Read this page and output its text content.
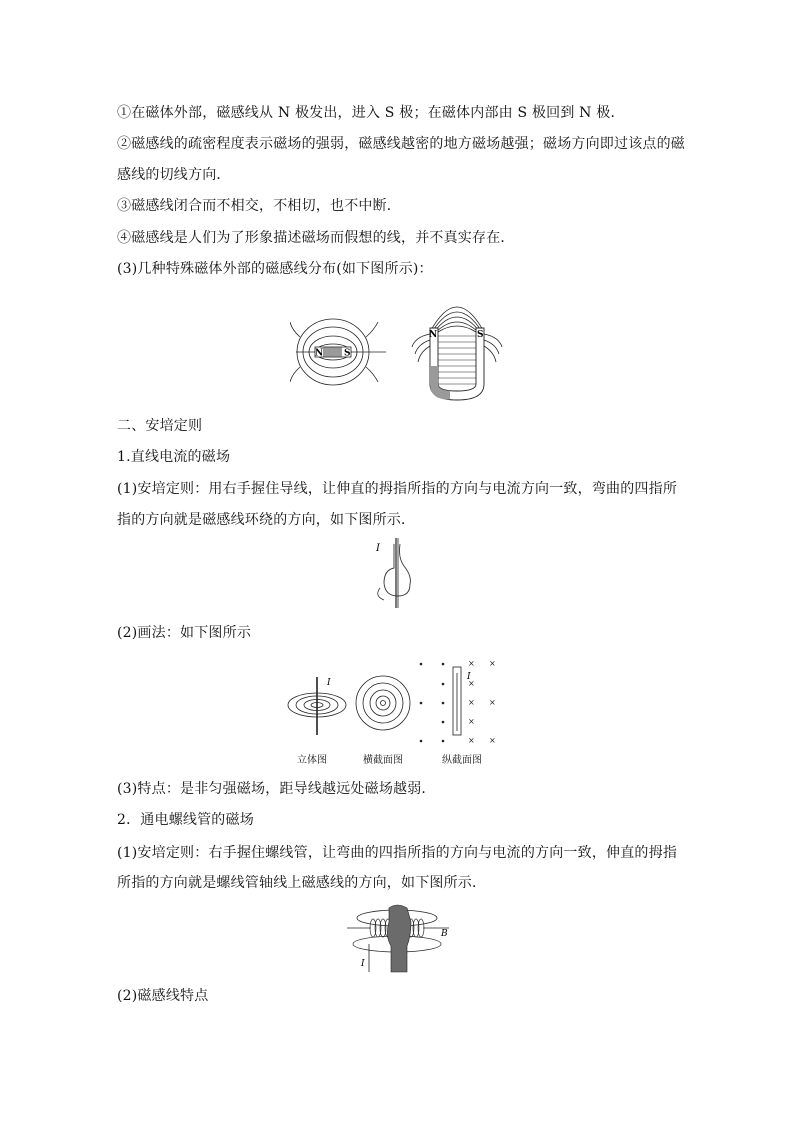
①在磁体外部，磁感线从 N 极发出，进入 S 极；在磁体内部由 S 极回到 N 极．
②磁感线的疏密程度表示磁场的强弱，磁感线越密的地方磁场越强；磁场方向即过该点的磁
感线的切线方向．
③磁感线闭合而不相交，不相切，也不中断．
④磁感线是人们为了形象描述磁场而假想的线，并不真实存在．
(3)几种特殊磁体外部的磁感线分布(如下图所示)：
N S
N	S
二、安培定则
1.直线电流的磁场
(1)安培定则：用右手握住导线，让伸直的拇指所指的方向与电流方向一致，弯曲的四指所
指的方向就是磁感线环绕的方向，如下图所示．
I
(2)画法：如下图所示
I
I
× ×
× ×
× ×
×
×
立体图	横截面图	纵截面图
(3)特点：是非匀强磁场，距导线越远处磁场越弱．
2．通电螺线管的磁场
(1)安培定则：右手握住螺线管，让弯曲的四指所指的方向与电流的方向一致，伸直的拇指
所指的方向就是螺线管轴线上磁感线的方向，如下图所示．
I
B
(2)磁感线特点
